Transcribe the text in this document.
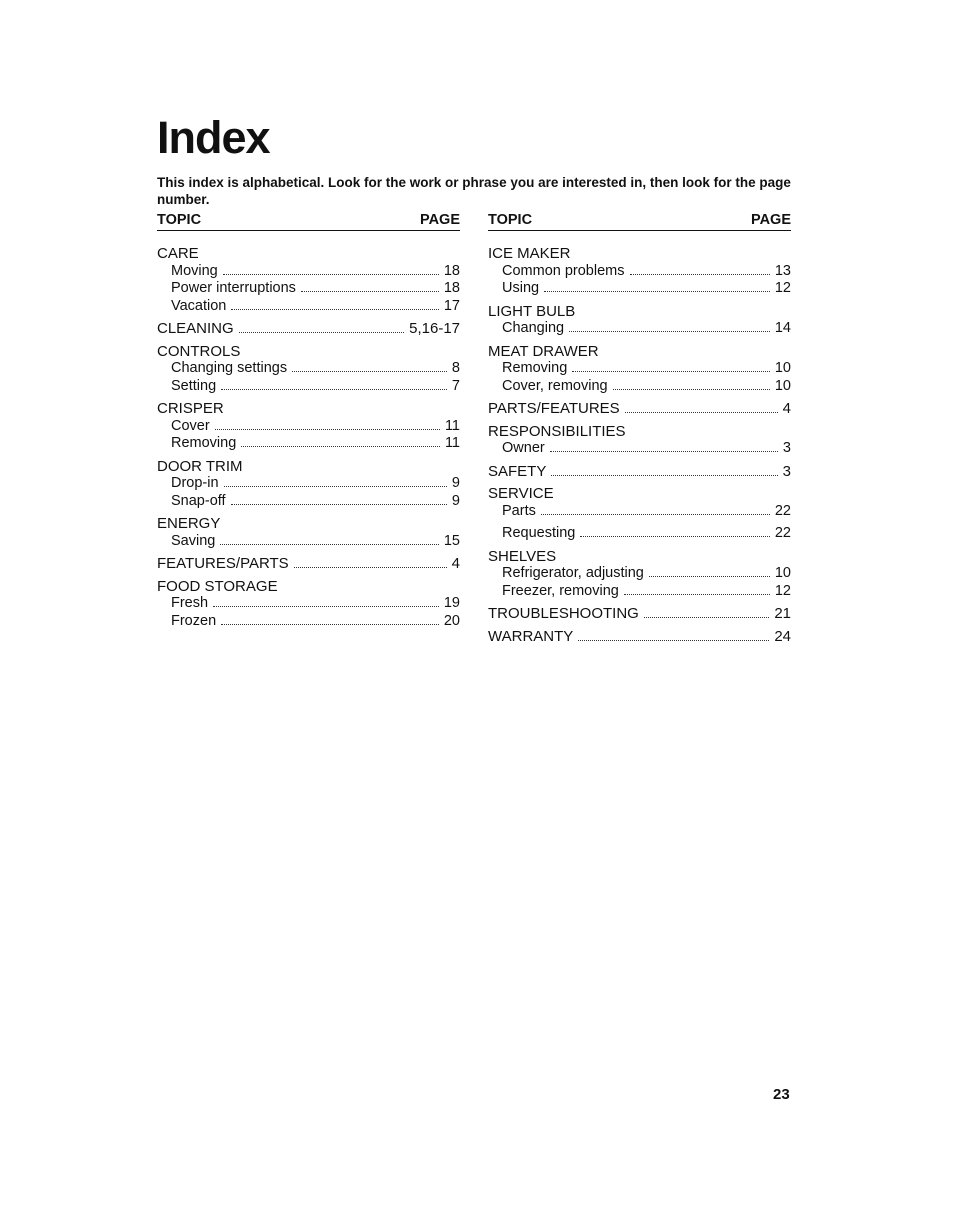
Index

This index is alphabetical. Look for the work or phrase you are interested in, then look for the page number.

TOPIC	PAGE
CARE
Moving	18
Power interruptions	18
Vacation	17
CLEANING	5,16-17
CONTROLS
Changing settings	8
Setting	7
CRISPER
Cover	11
Removing	11
DOOR TRIM
Drop-in	9
Snap-off	9
ENERGY
Saving	15
FEATURES/PARTS	4
FOOD STORAGE
Fresh	19
Frozen	20
TOPIC	PAGE
ICE MAKER
Common problems	13
Using	12
LIGHT BULB
Changing	14
MEAT DRAWER
Removing	10
Cover, removing	10
PARTS/FEATURES	4
RESPONSIBILITIES
Owner	3
SAFETY	3
SERVICE
Parts	22
Requesting	22
SHELVES
Refrigerator, adjusting	10
Freezer, removing	12
TROUBLESHOOTING	21
WARRANTY	24
23
